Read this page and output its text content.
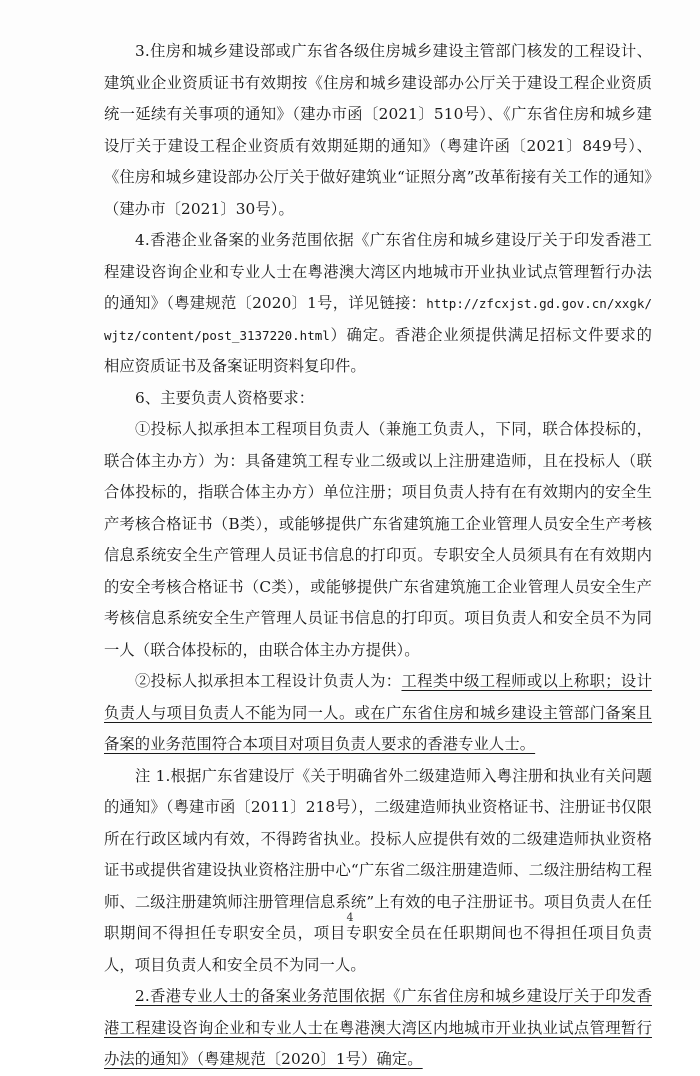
3.住房和城乡建设部或广东省各级住房城乡建设主管部门核发的工程设计、建筑业企业资质证书有效期按《住房和城乡建设部办公厅关于建设工程企业资质统一延续有关事项的通知》（建办市函〔2021〕510号）、《广东省住房和城乡建设厅关于建设工程企业资质有效期延期的通知》（粤建许函〔2021〕849号）、《住房和城乡建设部办公厅关于做好建筑业“证照分离”改革衔接有关工作的通知》（建办市〔2021〕30号）。

4.香港企业备案的业务范围依据《广东省住房和城乡建设厅关于印发香港工程建设咨询企业和专业人士在粤港澳大湾区内地城市开业执业试点管理暂行办法的通知》（粤建规范〔2020〕1号，详见链接：http://zfcxjst.gd.gov.cn/xxgk/wjtz/content/post_3137220.html）确定。香港企业须提供满足招标文件要求的相应资质证书及备案证明资料复印件。

6、主要负责人资格要求：

①投标人拟承担本工程项目负责人（兼施工负责人，下同，联合体投标的，联合体主办方）为：具备建筑工程专业二级或以上注册建造师，且在投标人（联合体投标的，指联合体主办方）单位注册；项目负责人持有在有效期内的安全生产考核合格证书（B类），或能够提供广东省建筑施工企业管理人员安全生产考核信息系统安全生产管理人员证书信息的打印页。专职安全人员须具有在有效期内的安全考核合格证书（C类），或能够提供广东省建筑施工企业管理人员安全生产考核信息系统安全生产管理人员证书信息的打印页。项目负责人和安全员不为同一人（联合体投标的，由联合体主办方提供）。

②投标人拟承担本工程设计负责人为：工程类中级工程师或以上称职；设计负责人与项目负责人不能为同一人。或在广东省住房和城乡建设主管部门备案且备案的业务范围符合本项目对项目负责人要求的香港专业人士。

注 1.根据广东省建设厅《关于明确省外二级建造师入粤注册和执业有关问题的通知》（粤建市函〔2011〕218号），二级建造师执业资格证书、注册证书仅限所在行政区域内有效，不得跨省执业。投标人应提供有效的二级建造师执业资格证书或提供省建设执业资格注册中心“广东省二级注册建造师、二级注册结构工程师、二级注册建筑师注册管理信息系统”上有效的电子注册证书。项目负责人在任职期间不得担任专职安全员，项目专职安全员在任职期间也不得担任项目负责人，项目负责人和安全员不为同一人。

2.香港专业人士的备案业务范围依据《广东省住房和城乡建设厅关于印发香港工程建设咨询企业和专业人士在粤港澳大湾区内地城市开业执业试点管理暂行办法的通知》（粤建规范〔2020〕1号）确定。

4
